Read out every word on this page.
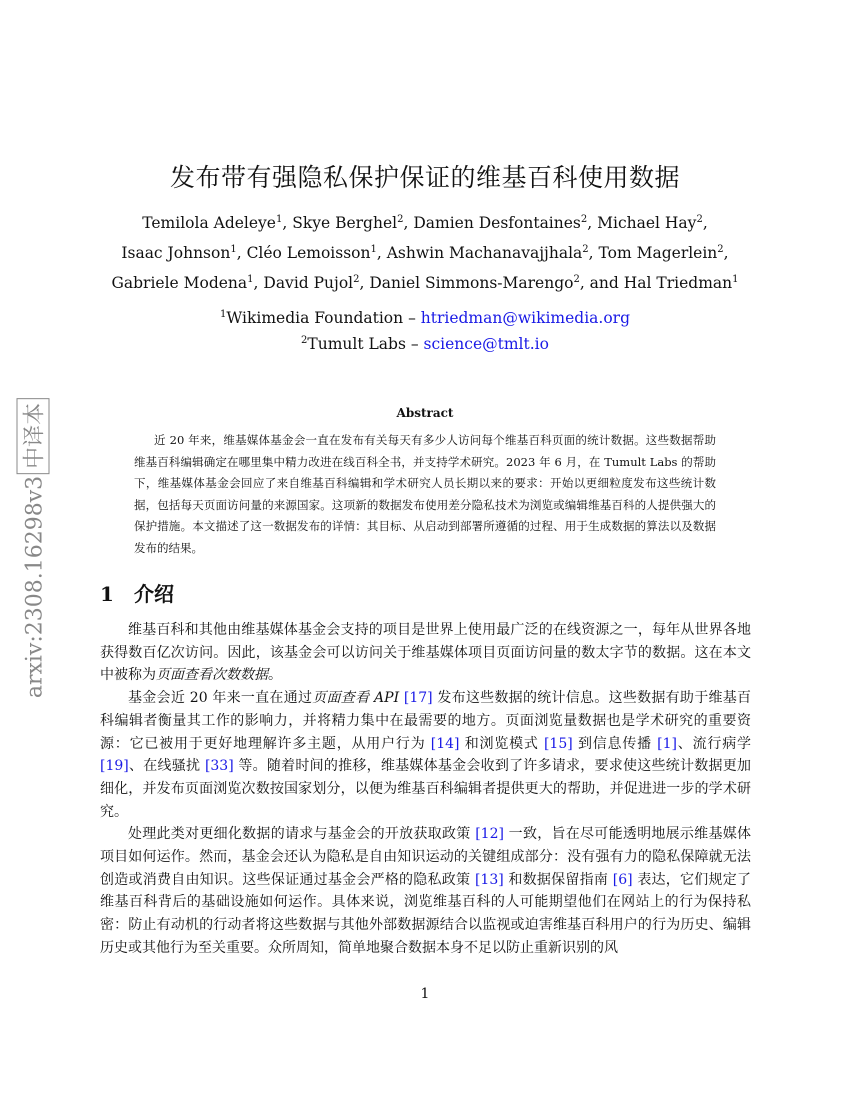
发布带有强隐私保护保证的维基百科使用数据
Temilola Adeleye$^1$, Skye Berghel$^2$, Damien Desfontaines$^2$, Michael Hay$^2$,
Isaac Johnson$^1$, Cléo Lemoisson$^1$, Ashwin Machanavajjhala$^2$, Tom Magerlein$^2$,
Gabriele Modena$^1$, David Pujol$^2$, Daniel Simmons-Marengo$^2$, and Hal Triedman$^1$
$^1$Wikimedia Foundation – htriedman@wikimedia.org
$^2$Tumult Labs – science@tmlt.io
Abstract
近 20 年来，维基媒体基金会一直在发布有关每天有多少人访问每个维基百科页面的统计数据。这些数据帮助维基百科编辑确定在哪里集中精力改进在线百科全书，并支持学术研究。2023 年 6 月，在 Tumult Labs 的帮助下，维基媒体基金会回应了来自维基百科编辑和学术研究人员长期以来的要求：开始以更细粒度发布这些统计数据，包括每天页面访问量的来源国家。这项新的数据发布使用差分隐私技术为浏览或编辑维基百科的人提供强大的保护措施。本文描述了这一数据发布的详情：其目标、从启动到部署所遵循的过程、用于生成数据的算法以及数据发布的结果。
1 介绍

维基百科和其他由维基媒体基金会支持的项目是世界上使用最广泛的在线资源之一，每年从世界各地获得数百亿次访问。因此，该基金会可以访问关于维基媒体项目页面访问量的数太字节的数据。这在本文中被称为页面查看次数数据。

基金会近 20 年来一直在通过页面查看 API [17] 发布这些数据的统计信息。这些数据有助于维基百科编辑者衡量其工作的影响力，并将精力集中在最需要的地方。页面浏览量数据也是学术研究的重要资源：它已被用于更好地理解许多主题，从用户行为 [14] 和浏览模式 [15] 到信息传播 [1]、流行病学 [19]、在线骚扰 [33] 等。随着时间的推移，维基媒体基金会收到了许多请求，要求使这些统计数据更加细化，并发布页面浏览次数按国家划分，以便为维基百科编辑者提供更大的帮助，并促进进一步的学术研究。

处理此类对更细化数据的请求与基金会的开放获取政策 [12] 一致，旨在尽可能透明地展示维基媒体项目如何运作。然而，基金会还认为隐私是自由知识运动的关键组成部分：没有强有力的隐私保障就无法创造或消费自由知识。这些保证通过基金会严格的隐私政策 [13] 和数据保留指南 [6] 表达，它们规定了维基百科背后的基础设施如何运作。具体来说，浏览维基百科的人可能期望他们在网站上的行为保持私密：防止有动机的行动者将这些数据与其他外部数据源结合以监视或迫害维基百科用户的行为历史、编辑历史或其他行为至关重要。众所周知，简单地聚合数据本身不足以防止重新识别的风

1
arxiv:2308.16298v3中译本
